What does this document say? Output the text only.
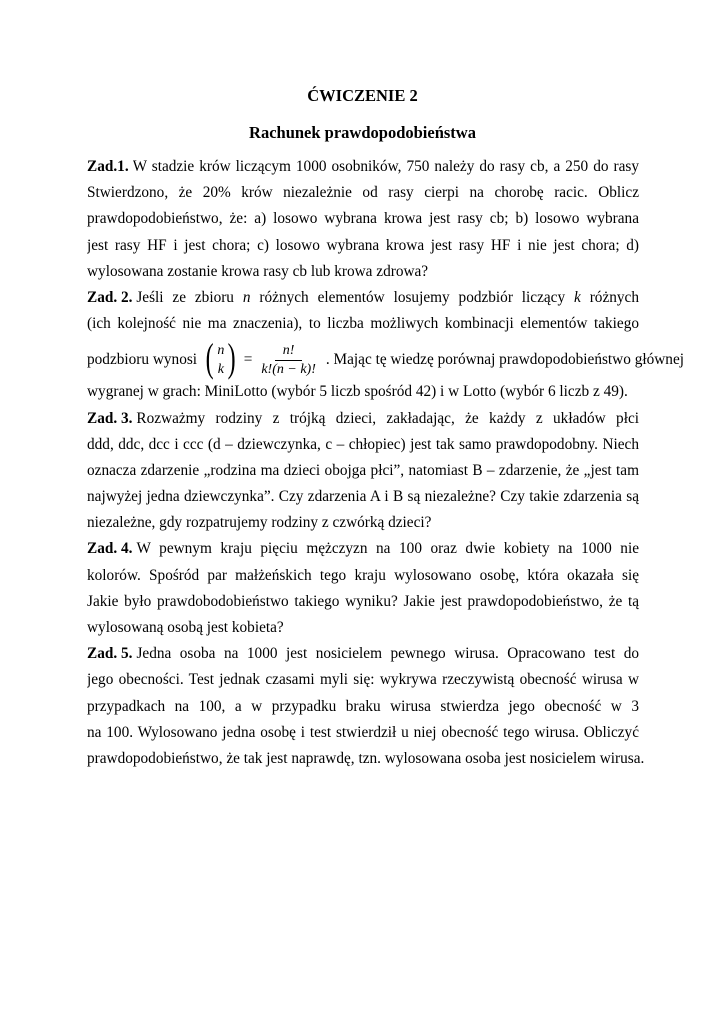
ĆWICZENIE 2
Rachunek prawdopodobieństwa
Zad.1. W stadzie krów liczącym 1000 osobników, 750 należy do rasy cb, a 250 do rasy
Stwierdzono, że 20% krów niezależnie od rasy cierpi na chorobę racic. Oblicz
prawdopodobieństwo, że: a) losowo wybrana krowa jest rasy cb; b) losowo wybrana
jest rasy HF i jest chora; c) losowo wybrana krowa jest rasy HF i nie jest chora; d)
wylosowana zostanie krowa rasy cb lub krowa zdrowa?
Zad. 2. Jeśli ze zbioru n różnych elementów losujemy podzbiór liczący k różnych
(ich kolejność nie ma znaczenia), to liczba możliwych kombinacji elementów takiego
podzbioru wynosi ( n
k ) = $\frac{n!}{k!(n - k)!}$ . Mając tę wiedzę porównaj prawdopodobieństwo głównej
wygranej w grach: MiniLotto (wybór 5 liczb spośród 42) i w Lotto (wybór 6 liczb z 49).
Zad. 3. Rozważmy rodziny z trójką dzieci, zakładając, że każdy z układów płci
ddd, ddc, dcc i ccc (d – dziewczynka, c – chłopiec) jest tak samo prawdopodobny. Niech
oznacza zdarzenie „rodzina ma dzieci obojga płci”, natomiast B – zdarzenie, że „jest tam
najwyżej jedna dziewczynka”. Czy zdarzenia A i B są niezależne? Czy takie zdarzenia są
niezależne, gdy rozpatrujemy rodziny z czwórką dzieci?
Zad. 4. W pewnym kraju pięciu mężczyzn na 100 oraz dwie kobiety na 1000 nie
kolorów. Spośród par małżeńskich tego kraju wylosowano osobę, która okazała się
Jakie było prawdobodobieństwo takiego wyniku? Jakie jest prawdopodobieństwo, że tą
wylosowaną osobą jest kobieta?
Zad. 5. Jedna osoba na 1000 jest nosicielem pewnego wirusa. Opracowano test do
jego obecności. Test jednak czasami myli się: wykrywa rzeczywistą obecność wirusa w
przypadkach na 100, a w przypadku braku wirusa stwierdza jego obecność w 3
na 100. Wylosowano jedna osobę i test stwierdził u niej obecność tego wirusa. Obliczyć
prawdopodobieństwo, że tak jest naprawdę, tzn. wylosowana osoba jest nosicielem wirusa.
